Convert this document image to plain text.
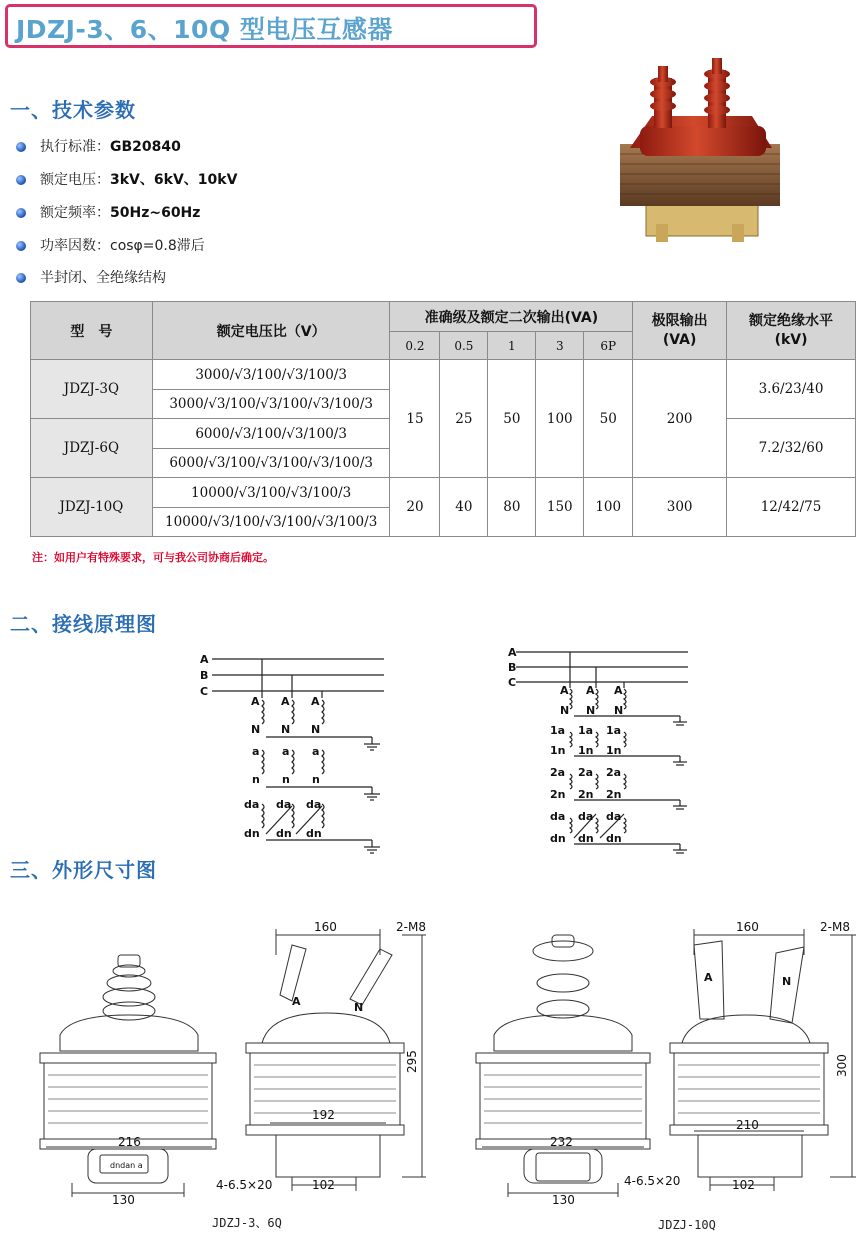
JDZJ-3、6、10Q 型电压互感器
一、技术参数
执行标准：GB20840
额定电压：3kV、6kV、10kV
额定频率：50Hz~60Hz
功率因数：cosφ=0.8滞后
半封闭、全绝缘结构
型　号	额定电压比（V）	准确级及额定二次输出(VA)					极限输出
(VA)	额定绝缘水平
(kV)
		0.2	0.5	1	3	6P		
JDZJ-3Q	3000/√3/100/√3/100/3	15	25	50	100	50	200	3.6/23/40
	3000/√3/100/√3/100/√3/100/3							
JDZJ-6Q	6000/√3/100/√3/100/3							7.2/32/60
	6000/√3/100/√3/100/√3/100/3							
JDZJ-10Q	10000/√3/100/√3/100/3	20	40	80	150	100	300	12/42/75
	10000/√3/100/√3/100/√3/100/3							
注：如用户有特殊要求，可与我公司协商后确定。
二、接线原理图
A
B
C
A A A
N N N
a a a
n n n
da da da
dn dn dn
A
B
C
A A A
N N N
1a 1a 1a
1n 1n 1n
2a 2a 2a
2n 2n 2n
da da da
dn dn dn
三、外形尺寸图
216
dndan a
130
160	2-M8
295
192
A	N
4-6.5×20	102
232
130
160	2-M8
300
210
A	N
4-6.5×20	102
JDZJ-3、6Q	JDZJ-10Q
